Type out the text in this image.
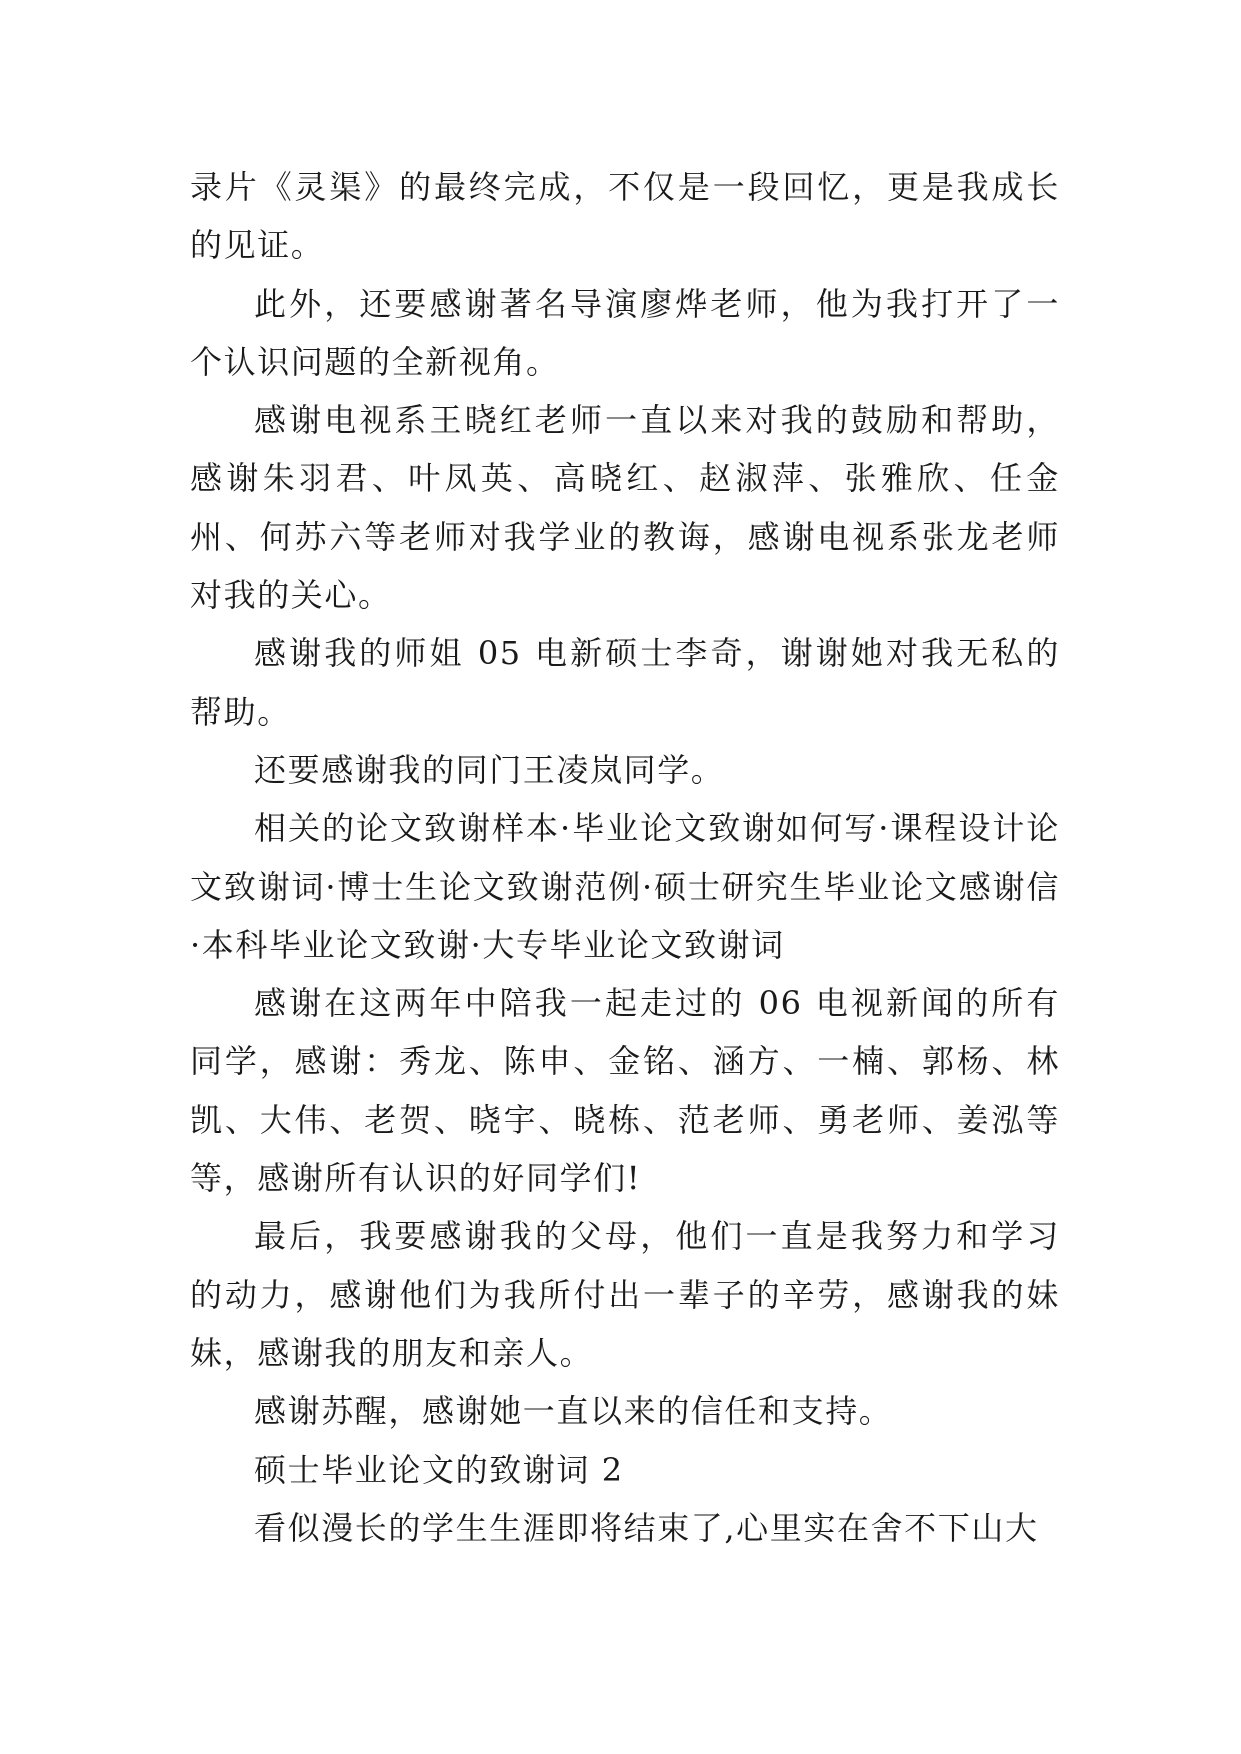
录片《灵渠》的最终完成，不仅是一段回忆，更是我成长的见证。

此外，还要感谢著名导演廖烨老师，他为我打开了一个认识问题的全新视角。

感谢电视系王晓红老师一直以来对我的鼓励和帮助，感谢朱羽君、叶凤英、高晓红、赵淑萍、张雅欣、任金州、何苏六等老师对我学业的教诲，感谢电视系张龙老师对我的关心。

感谢我的师姐 05 电新硕士李奇，谢谢她对我无私的帮助。

还要感谢我的同门王凌岚同学。

相关的论文致谢样本·毕业论文致谢如何写·课程设计论文致谢词·博士生论文致谢范例·硕士研究生毕业论文感谢信·本科毕业论文致谢·大专毕业论文致谢词

感谢在这两年中陪我一起走过的 06 电视新闻的所有同学，感谢：秀龙、陈申、金铭、涵方、一楠、郭杨、林凯、大伟、老贺、晓宇、晓栋、范老师、勇老师、姜泓等等，感谢所有认识的好同学们!

最后，我要感谢我的父母，他们一直是我努力和学习的动力，感谢他们为我所付出一辈子的辛劳，感谢我的妹妹，感谢我的朋友和亲人。

感谢苏醒，感谢她一直以来的信任和支持。

硕士毕业论文的致谢词 2

看似漫长的学生生涯即将结束了,心里实在舍不下山大
